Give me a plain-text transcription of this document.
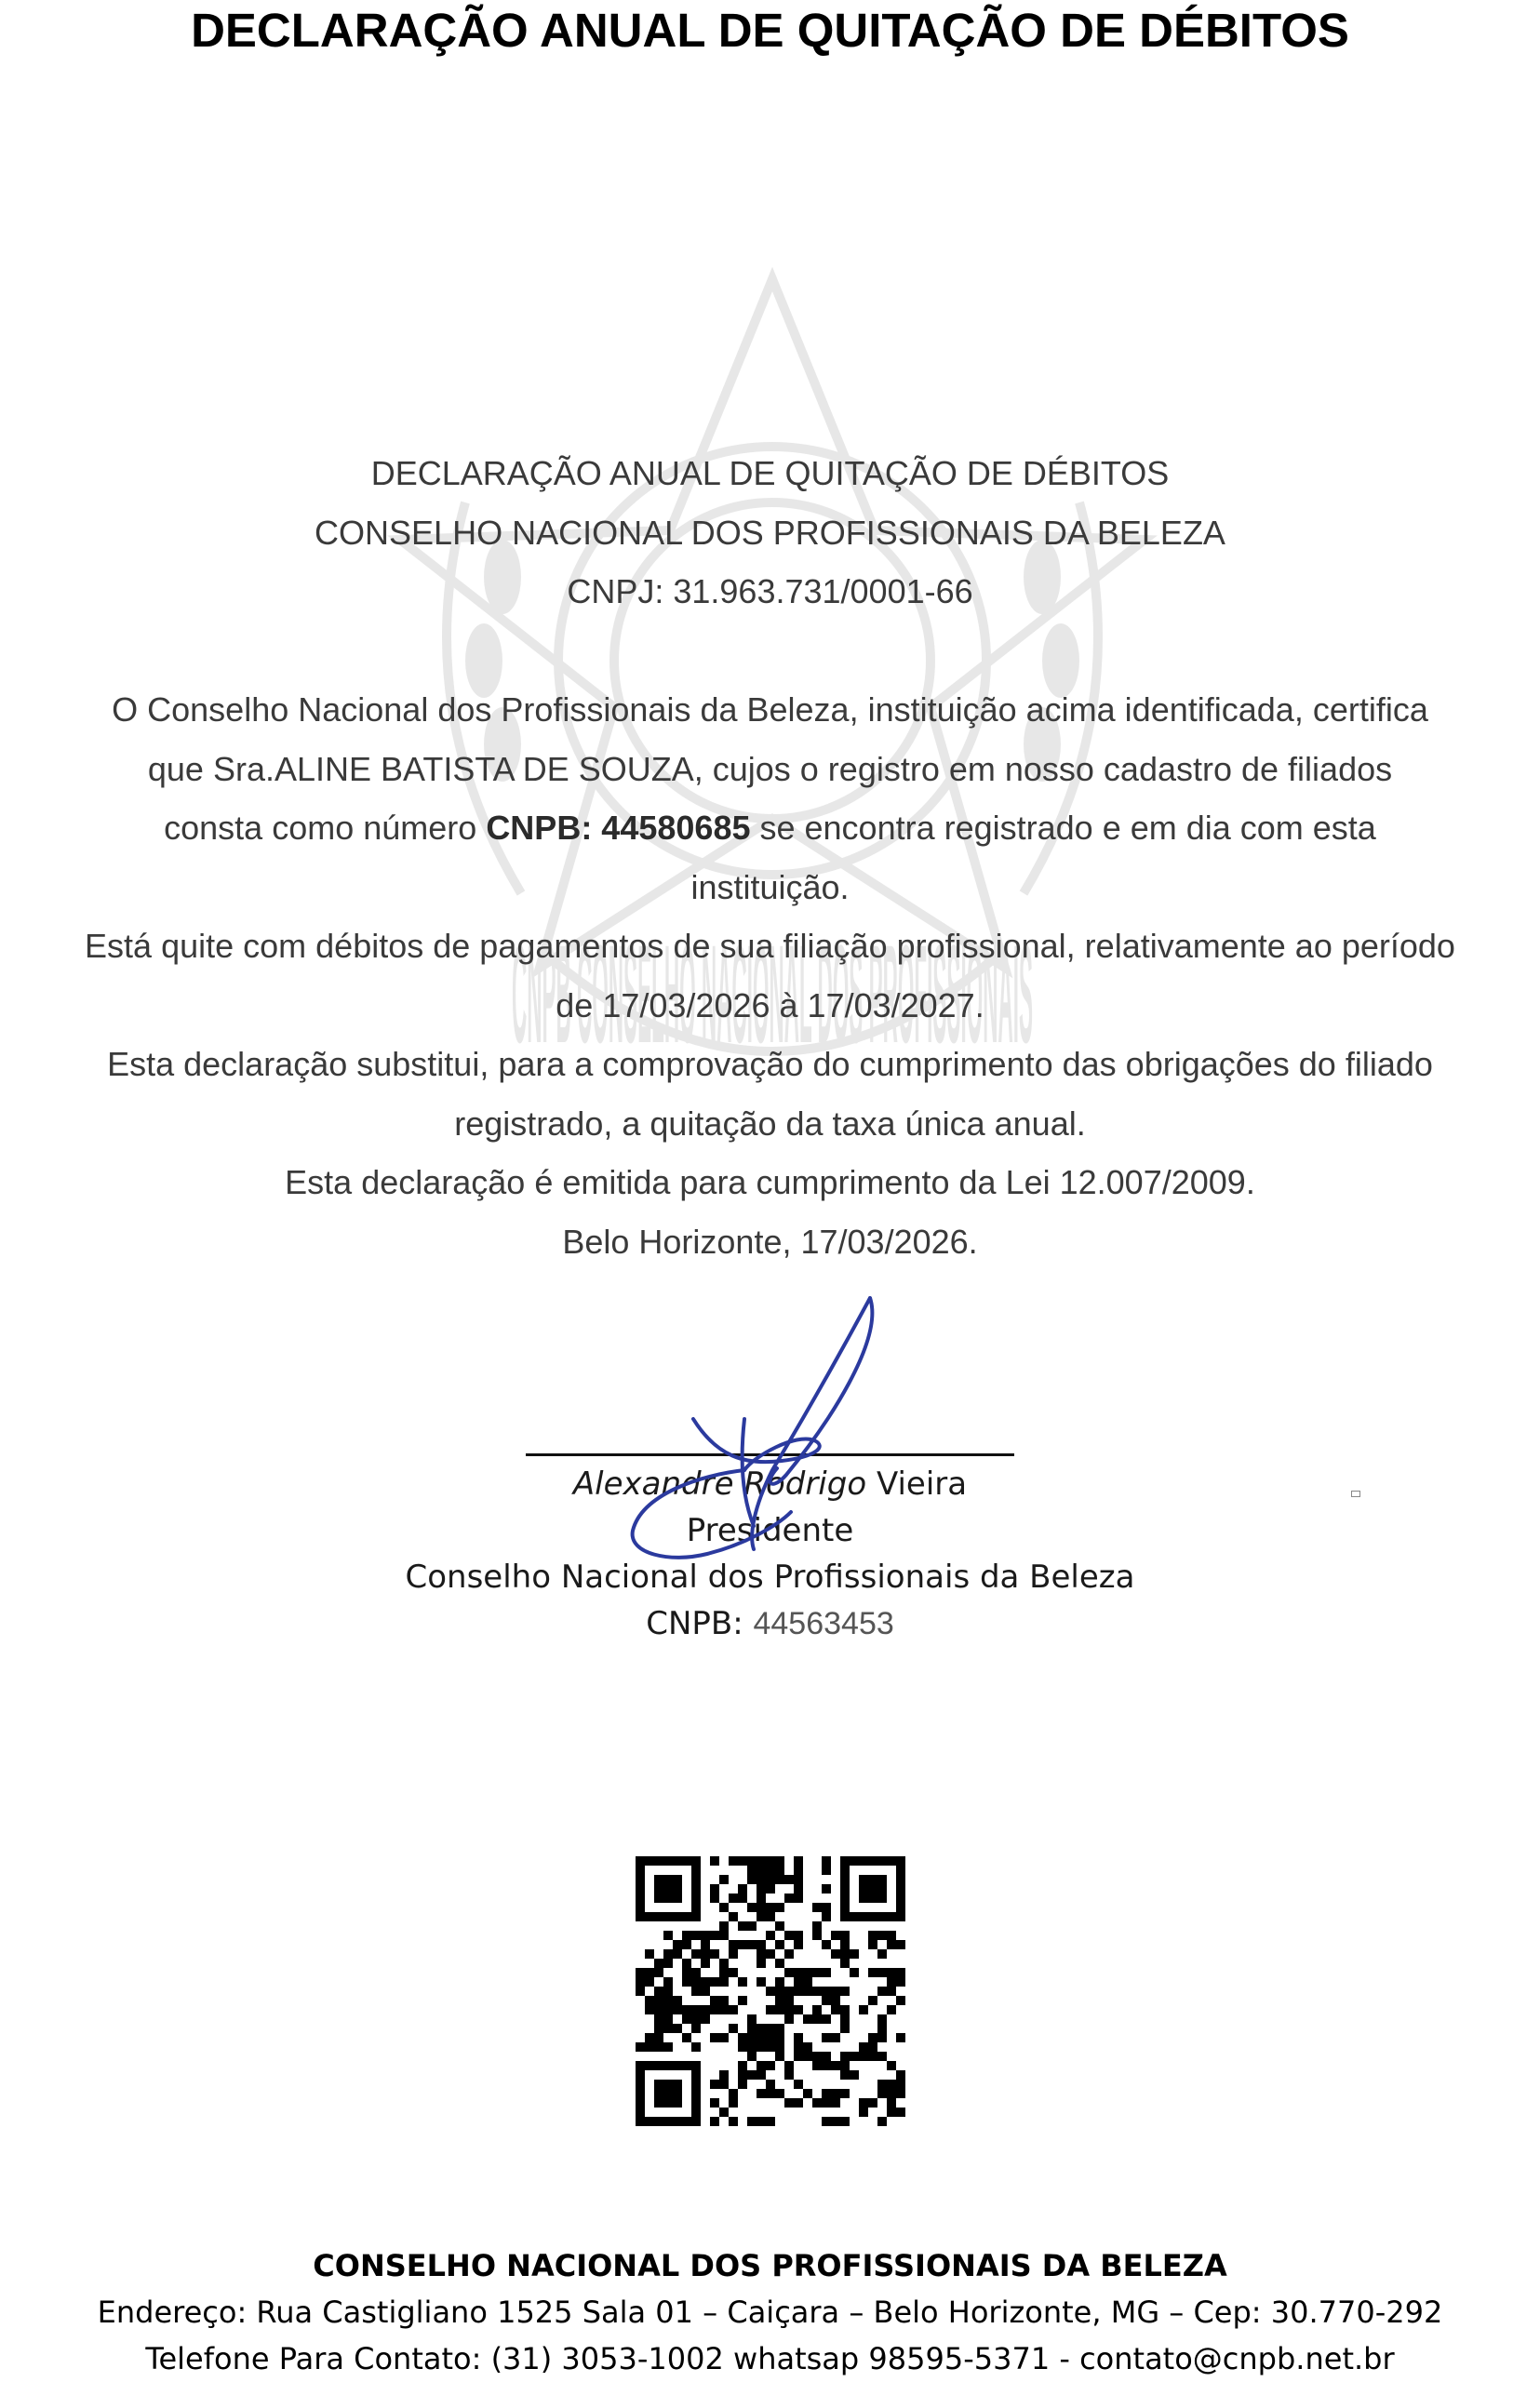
CNPB CONSELHO NACIONAL DOS PROFISSIONAIS
DECLARAÇÃO ANUAL DE QUITAÇÃO DE DÉBITOS
DECLARAÇÃO ANUAL DE QUITAÇÃO DE DÉBITOS
CONSELHO NACIONAL DOS PROFISSIONAIS DA BELEZA
CNPJ: 31.963.731/0001-66
O Conselho Nacional dos Profissionais da Beleza, instituição acima identificada, certifica
que Sra.ALINE BATISTA DE SOUZA, cujos o registro em nosso cadastro de filiados
consta como número CNPB: 44580685 se encontra registrado e em dia com esta
instituição.
Está quite com débitos de pagamentos de sua filiação profissional, relativamente ao período
de 17/03/2026 à 17/03/2027.
Esta declaração substitui, para a comprovação do cumprimento das obrigações do filiado
registrado, a quitação da taxa única anual.
Esta declaração é emitida para cumprimento da Lei 12.007/2009.
Belo Horizonte, 17/03/2026.
Alexandre Rodrigo Vieira
Presidente
Conselho Nacional dos Profissionais da Beleza
CNPB: 44563453
CONSELHO NACIONAL DOS PROFISSIONAIS DA BELEZA
Endereço: Rua Castigliano 1525 Sala 01 – Caiçara – Belo Horizonte, MG – Cep: 30.770-292
Telefone Para Contato: (31) 3053-1002 whatsap 98595-5371 - contato@cnpb.net.br
